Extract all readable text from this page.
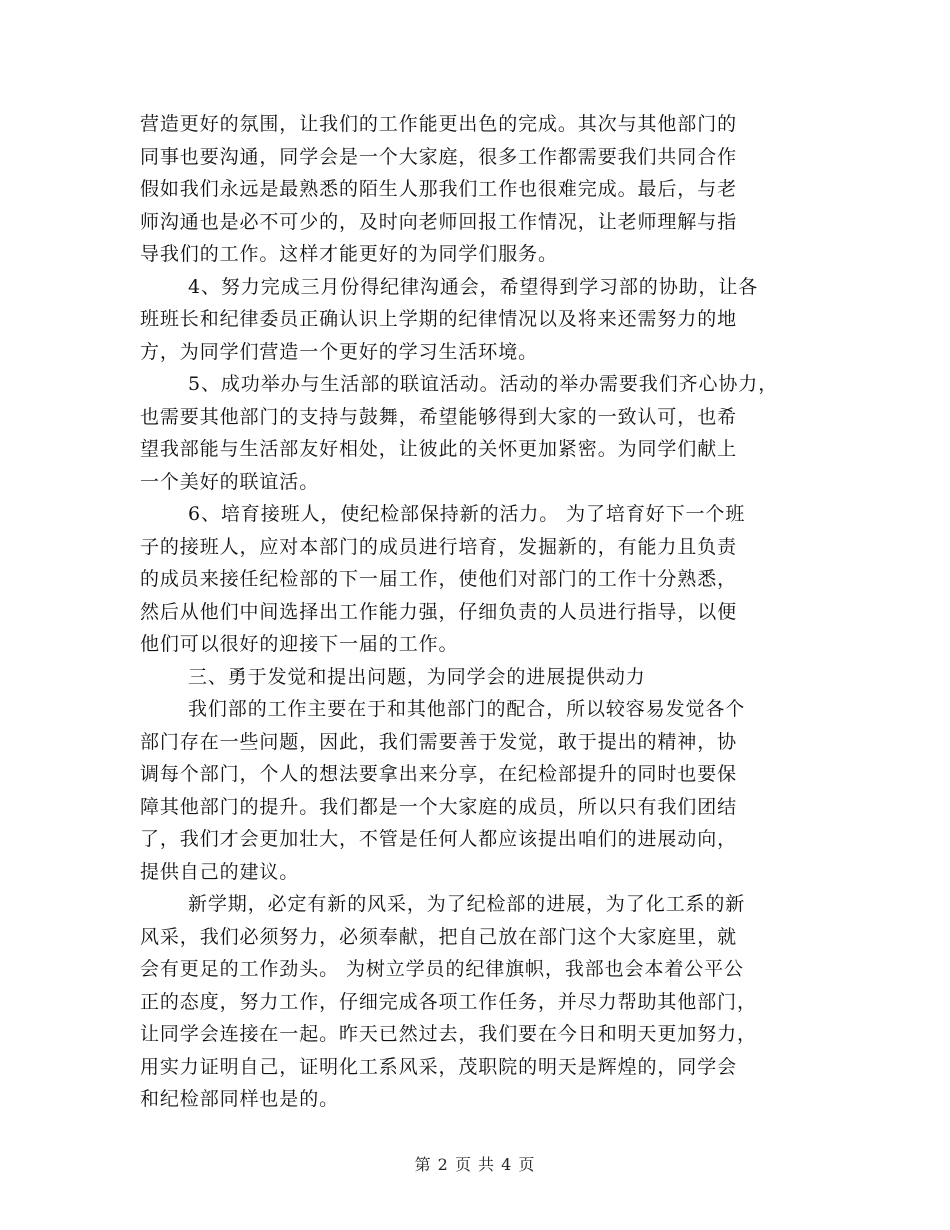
营造更好的氛围，让我们的工作能更出色的完成。其次与其他部门的
同事也要沟通，同学会是一个大家庭，很多工作都需要我们共同合作
假如我们永远是最熟悉的陌生人那我们工作也很难完成。最后，与老
师沟通也是必不可少的，及时向老师回报工作情况，让老师理解与指
导我们的工作。这样才能更好的为同学们服务。
4、努力完成三月份得纪律沟通会，希望得到学习部的协助，让各
班班长和纪律委员正确认识上学期的纪律情况以及将来还需努力的地
方，为同学们营造一个更好的学习生活环境。
5、成功举办与生活部的联谊活动。活动的举办需要我们齐心协力，
也需要其他部门的支持与鼓舞，希望能够得到大家的一致认可，也希
望我部能与生活部友好相处，让彼此的关怀更加紧密。为同学们献上
一个美好的联谊活。
6、培育接班人，使纪检部保持新的活力。 为了培育好下一个班
子的接班人，应对本部门的成员进行培育，发掘新的，有能力且负责
的成员来接任纪检部的下一届工作，使他们对部门的工作十分熟悉，
然后从他们中间选择出工作能力强，仔细负责的人员进行指导，以便
他们可以很好的迎接下一届的工作。
三、勇于发觉和提出问题，为同学会的进展提供动力
我们部的工作主要在于和其他部门的配合，所以较容易发觉各个
部门存在一些问题，因此，我们需要善于发觉，敢于提出的精神，协
调每个部门，个人的想法要拿出来分享，在纪检部提升的同时也要保
障其他部门的提升。我们都是一个大家庭的成员，所以只有我们团结
了，我们才会更加壮大，不管是任何人都应该提出咱们的进展动向，
提供自己的建议。
新学期，必定有新的风采，为了纪检部的进展，为了化工系的新
风采，我们必须努力，必须奉献，把自己放在部门这个大家庭里，就
会有更足的工作劲头。 为树立学员的纪律旗帜，我部也会本着公平公
正的态度，努力工作，仔细完成各项工作任务，并尽力帮助其他部门，
让同学会连接在一起。昨天已然过去，我们要在今日和明天更加努力，
用实力证明自己，证明化工系风采，茂职院的明天是辉煌的，同学会
和纪检部同样也是的。
第 2 页 共 4 页
